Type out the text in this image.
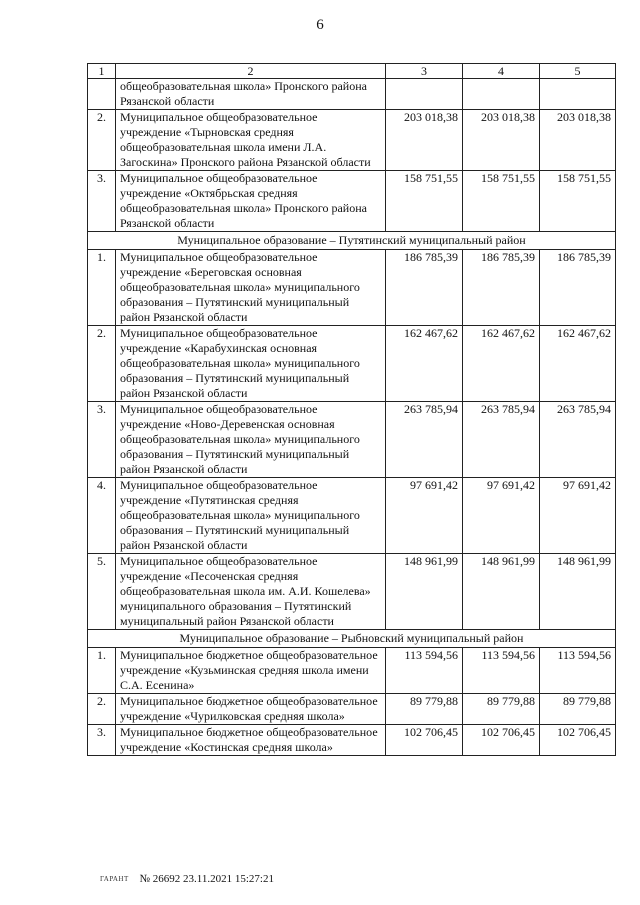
6
1	2	3	4	5
	общеобразовательная школа» Пронского района Рязанской области			
2.	Муниципальное общеобразовательное учреждение «Тырновская средняя общеобразовательная школа имени Л.А. Загоскина» Пронского района Рязанской области	203 018,38	203 018,38	203 018,38
3.	Муниципальное общеобразовательное учреждение «Октябрьская средняя общеобразовательная школа» Пронского района Рязанской области	158 751,55	158 751,55	158 751,55
Муниципальное образование – Путятинский муниципальный район				
1.	Муниципальное общеобразовательное учреждение «Береговская основная общеобразовательная школа» муниципального образования – Путятинский муниципальный район Рязанской области	186 785,39	186 785,39	186 785,39
2.	Муниципальное общеобразовательное учреждение «Карабухинская основная общеобразовательная школа» муниципального образования – Путятинский муниципальный район Рязанской области	162 467,62	162 467,62	162 467,62
3.	Муниципальное общеобразовательное учреждение «Ново-Деревенская основная общеобразовательная школа» муниципального образования – Путятинский муниципальный район Рязанской области	263 785,94	263 785,94	263 785,94
4.	Муниципальное общеобразовательное учреждение «Путятинская средняя общеобразовательная школа» муниципального образования – Путятинский муниципальный район Рязанской области	97 691,42	97 691,42	97 691,42
5.	Муниципальное общеобразовательное учреждение «Песоченская средняя общеобразовательная школа им. А.И. Кошелева» муниципального образования – Путятинский муниципальный район Рязанской области	148 961,99	148 961,99	148 961,99
Муниципальное образование – Рыбновский муниципальный район				
1.	Муниципальное бюджетное общеобразовательное учреждение «Кузьминская средняя школа имени С.А. Есенина»	113 594,56	113 594,56	113 594,56
2.	Муниципальное бюджетное общеобразовательное учреждение «Чурилковская средняя школа»	89 779,88	89 779,88	89 779,88
3.	Муниципальное бюджетное общеобразовательное учреждение «Костинская средняя школа»	102 706,45	102 706,45	102 706,45
ГАРАНТ № 26692 23.11.2021 15:27:21
